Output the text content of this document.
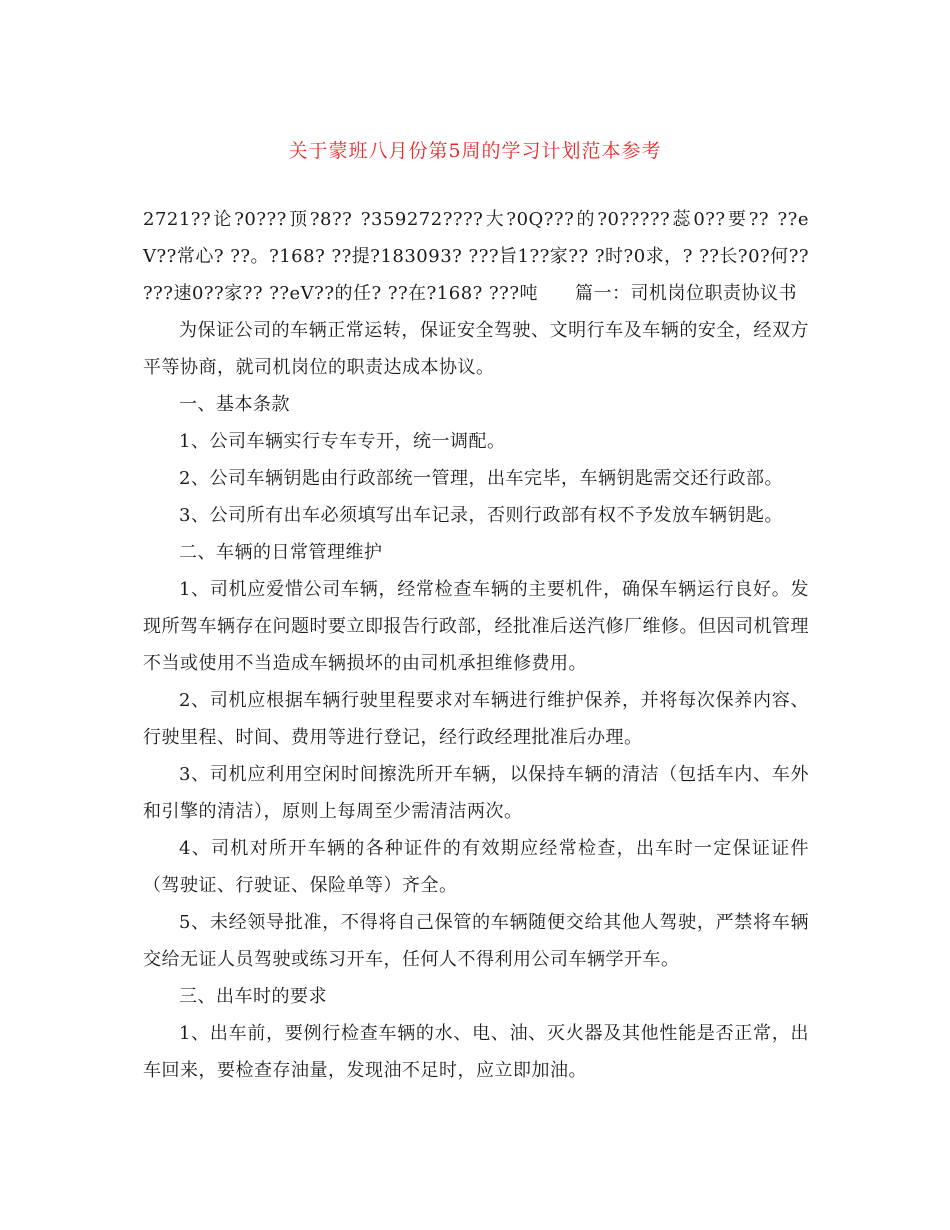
关于蒙班八月份第5周的学习计划范本参考

2721??论?0???顶?8?? ?359272????大?0Q???的?0?????蕊0??要?? ??eV??常心? ??。?168? ??提?183093? ???旨1??家?? ?时?0求，? ??长?0?何?? ???速0??家?? ??eV??的任? ??在?168? ???吨　　篇一：司机岗位职责协议书

为保证公司的车辆正常运转，保证安全驾驶、文明行车及车辆的安全，经双方平等协商，就司机岗位的职责达成本协议。

一、基本条款

1、公司车辆实行专车专开，统一调配。

2、公司车辆钥匙由行政部统一管理，出车完毕，车辆钥匙需交还行政部。

3、公司所有出车必须填写出车记录，否则行政部有权不予发放车辆钥匙。

二、车辆的日常管理维护

1、司机应爱惜公司车辆，经常检查车辆的主要机件，确保车辆运行良好。发现所驾车辆存在问题时要立即报告行政部，经批准后送汽修厂维修。但因司机管理不当或使用不当造成车辆损坏的由司机承担维修费用。

2、司机应根据车辆行驶里程要求对车辆进行维护保养，并将每次保养内容、行驶里程、时间、费用等进行登记，经行政经理批准后办理。

3、司机应利用空闲时间擦洗所开车辆，以保持车辆的清洁（包括车内、车外和引擎的清洁），原则上每周至少需清洁两次。

4、司机对所开车辆的各种证件的有效期应经常检查，出车时一定保证证件（驾驶证、行驶证、保险单等）齐全。

5、未经领导批准，不得将自己保管的车辆随便交给其他人驾驶，严禁将车辆交给无证人员驾驶或练习开车，任何人不得利用公司车辆学开车。

三、出车时的要求

1、出车前，要例行检查车辆的水、电、油、灭火器及其他性能是否正常，出车回来，要检查存油量，发现油不足时，应立即加油。
